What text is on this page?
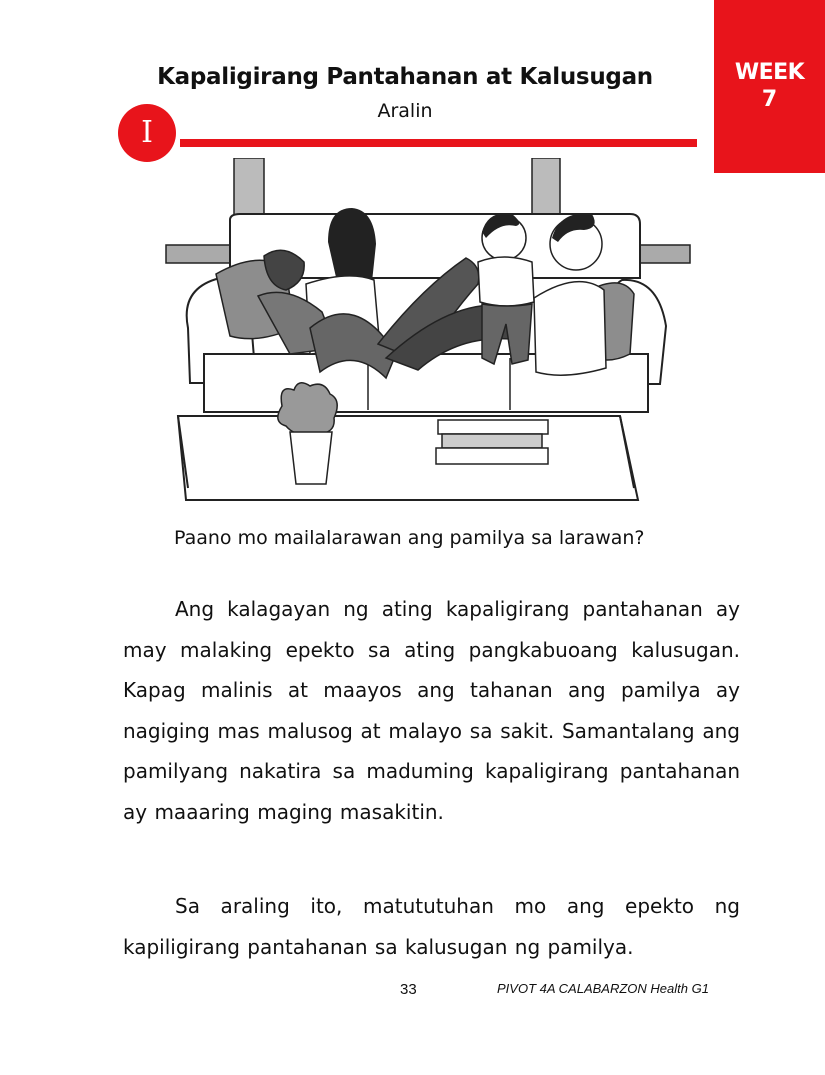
WEEK
7
Kapaligirang Pantahanan at Kalusugan
Aralin
I
Paano mo mailalarawan ang pamilya sa larawan?

Ang kalagayan ng ating kapaligirang pantahanan ay may malaking epekto sa ating pangkabuoang kalusugan. Kapag malinis at maayos ang tahanan ang pamilya ay nagiging mas malusog at malayo sa sakit. Samantalang ang pamilyang nakatira sa maduming kapaligirang pantahanan ay maaaring maging masakitin.

Sa araling ito, matututuhan mo ang epekto ng kapiligirang pantahanan sa kalusugan ng pamilya.

33	PIVOT 4A CALABARZON Health G1
